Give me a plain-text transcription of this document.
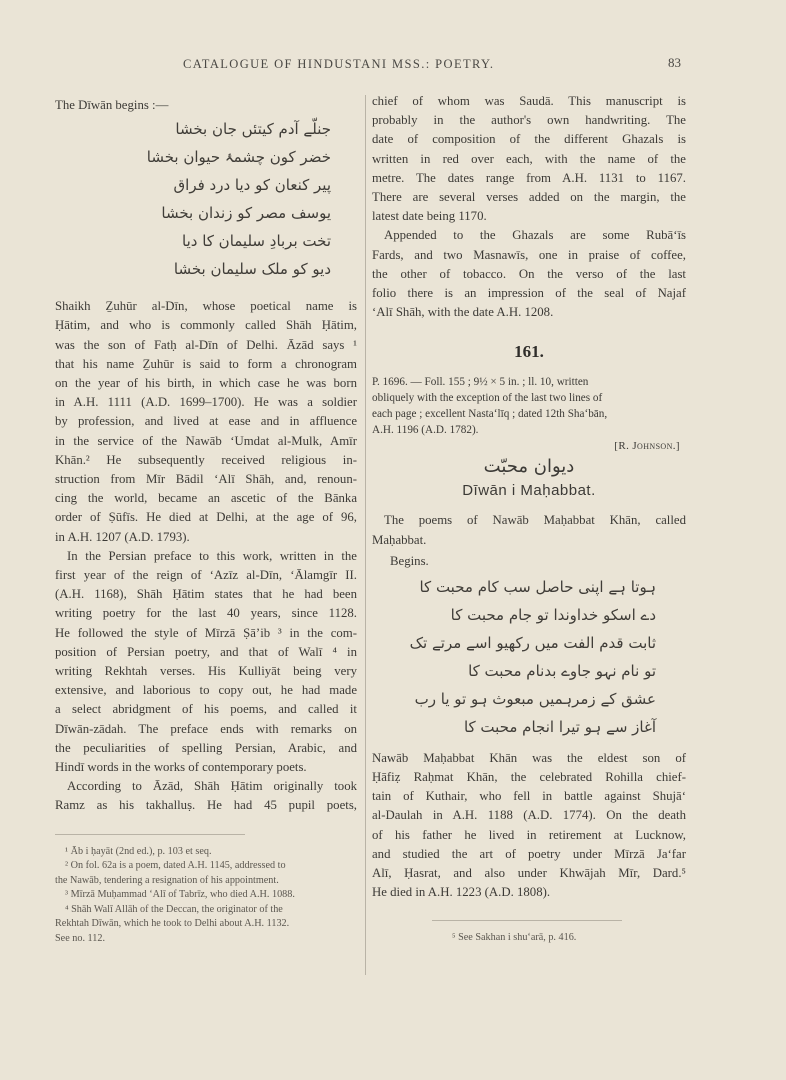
CATALOGUE OF HINDUSTANI MSS.: POETRY.	83
The Dīwān begins :—
جنلّے آدم کیتئں جان بخشا
خضر کون چشمۂ حیوان بخشا
پیر کنعان کو دیا درد فراق
یوسف مصر کو زندان بخشا
تخت بربادِ سلیمان کا دیا
دیو کو ملک سلیمان بخشا
Shaikh Ẕuhūr al-Dīn, whose poetical name is
Ḥātim, and who is commonly called Shāh Ḥātim,
was the son of Fatḥ al-Dīn of Delhi. Āzād says ¹
that his name Ẕuhūr is said to form a chronogram
on the year of his birth, in which case he was born
in A.H. 1111 (A.D. 1699–1700). He was a soldier
by profession, and lived at ease and in affluence
in the service of the Nawāb ʻUmdat al-Mulk, Amīr
Khān.² He subsequently received religious in-
struction from Mīr Bādil ʻAlī Shāh, and, renoun-
cing the world, became an ascetic of the Bānka
order of Ṣūfīs. He died at Delhi, at the age of 96,
in A.H. 1207 (A.D. 1793).
In the Persian preface to this work, written in the
first year of the reign of ʻAzīz al-Dīn, ʻĀlamgīr II.
(A.H. 1168), Shāh Ḥātim states that he had been
writing poetry for the last 40 years, since 1128.
He followed the style of Mīrzā Ṣāʼib ³ in the com-
position of Persian poetry, and that of Walī ⁴ in
writing Rekhtah verses. His Kulliyāt being very
extensive, and laborious to copy out, he had made
a select abridgment of his poems, and called it
Dīwān-zādah. The preface ends with remarks on
the peculiarities of spelling Persian, Arabic, and
Hindī words in the works of contemporary poets.
According to Āzād, Shāh Ḥātim originally took
Ramz as his takhalluṣ. He had 45 pupil poets,
¹ Āb i ḥayāt (2nd ed.), p. 103 et seq.
² On fol. 62a is a poem, dated A.H. 1145, addressed to
the Nawāb, tendering a resignation of his appointment.
³ Mīrzā Muḥammad ʻAlī of Tabrīz, who died A.H. 1088.
⁴ Shāh Walī Allāh of the Deccan, the originator of the
Rekhtah Dīwān, which he took to Delhi about A.H. 1132.
See no. 112.
chief of whom was Saudā. This manuscript is
probably in the author's own handwriting. The
date of composition of the different Ghazals is
written in red over each, with the name of the
metre. The dates range from A.H. 1131 to 1167.
There are several verses added on the margin, the
latest date being 1170.
Appended to the Ghazals are some Rubāʻīs
Fards, and two Masnawīs, one in praise of coffee,
the other of tobacco. On the verso of the last
folio there is an impression of the seal of Najaf
ʻAlī Shāh, with the date A.H. 1208.
161.
P. 1696. — Foll. 155 ; 9½ × 5 in. ; ll. 10, written
obliquely with the exception of the last two lines of
each page ; excellent Nastaʻlīq ; dated 12th Shaʻbān,
A.H. 1196 (A.D. 1782).
[R. Johnson.]
دیوان محبّت
Dīwān i Maḥabbat.
The poems of Nawāb Maḥabbat Khān, called
Maḥabbat.
Begins.
ہوتا ہے اپنی حاصل سب کام محبت کا
دے اسکو خداوندا تو جام محبت کا
ثابت قدم الفت میں رکھیو اسے مرتے تک
تو نام نہو جاوے بدنام محبت کا
عشق کے زمرہمیں مبعوث ہو تو یا رب
آغاز سے ہو تیرا انجام محبت کا
Nawāb Maḥabbat Khān was the eldest son of
Ḥāfiẓ Raḥmat Khān, the celebrated Rohilla chief-
tain of Kuthair, who fell in battle against Shujāʻ
al-Daulah in A.H. 1188 (A.D. 1774). On the death
of his father he lived in retirement at Lucknow,
and studied the art of poetry under Mīrzā Jaʻfar
Alī, Ḥasrat, and also under Khwājah Mīr, Dard.⁵
He died in A.H. 1223 (A.D. 1808).
⁵ See Sakhan i shuʻarā, p. 416.
